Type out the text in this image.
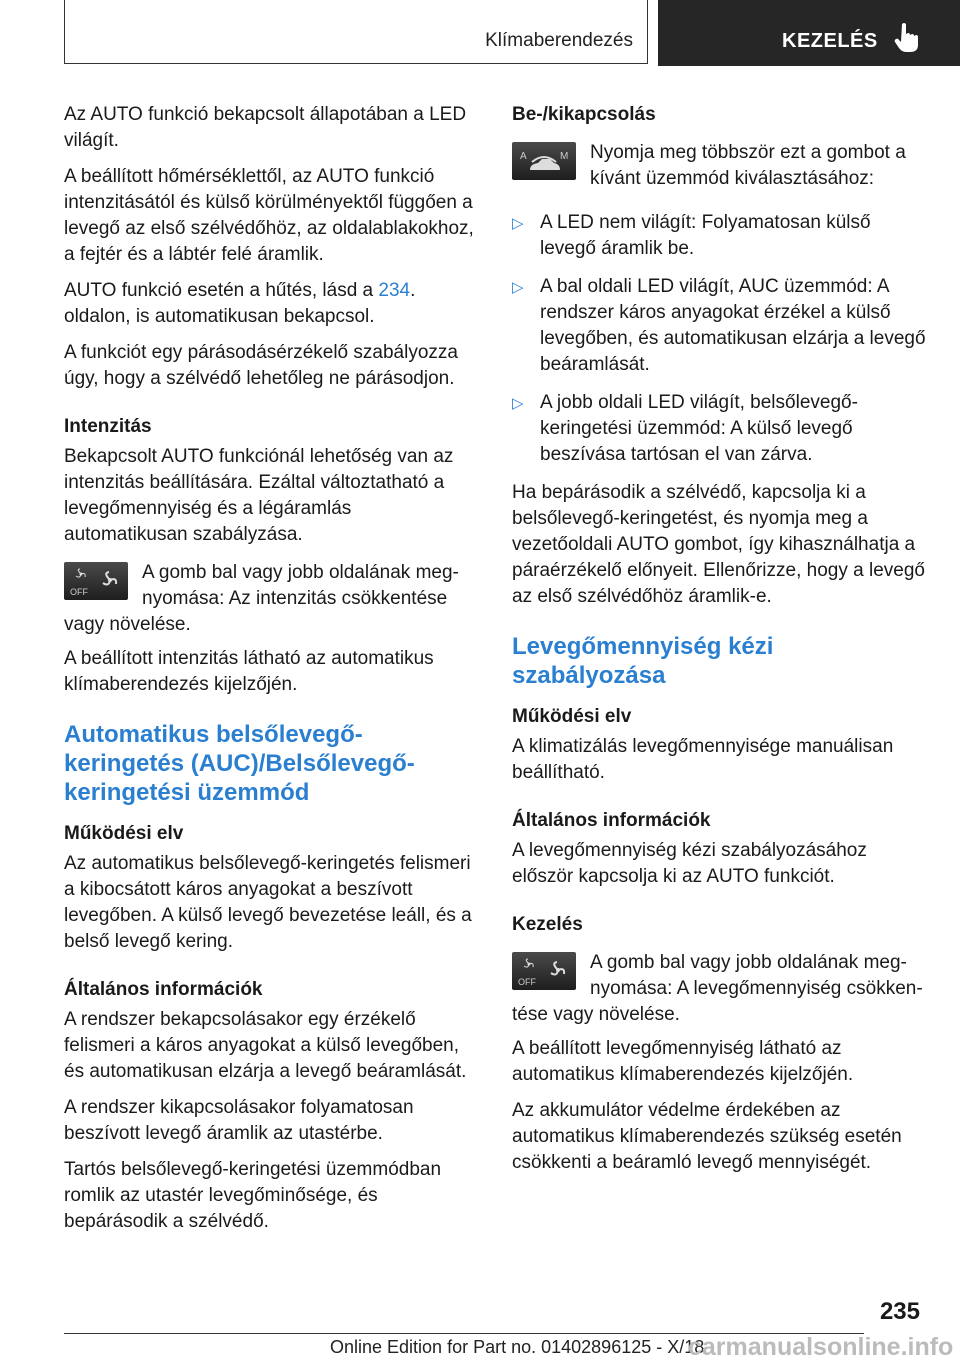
Klímaberendezés	KEZELÉS

Az AUTO funkció bekapcsolt állapotában a LED világít.

A beállított hőmérséklettől, az AUTO funkció intenzitásától és külső körülményektől függően a levegő az első szélvédőhöz, az oldalablakokhoz, a fejtér és a lábtér felé áramlik.

AUTO funkció esetén a hűtés, lásd a 234. oldalon, is automatikusan bekapcsol.

A funkciót egy párásodásérzékelő szabályozza úgy, hogy a szélvédő lehetőleg ne párásodjon.

Intenzitás

Bekapcsolt AUTO funkciónál lehetőség van az intenzitás beállítására. Ezáltal változtatható a levegőmennyiség és a légáramlás automatikusan szabályzása.

OFF
A gomb bal vagy jobb oldalának meg-
nyomása: Az intenzitás csökkentése
vagy növelése.

A beállított intenzitás látható az automatikus klímaberendezés kijelzőjén.

Automatikus belsőlevegő-keringetés (AUC)/Belsőlevegő-keringetési üzemmód
Működési elv

Az automatikus belsőlevegő-keringetés felismeri a kibocsátott káros anyagokat a beszívott levegőben. A külső levegő bevezetése leáll, és a belső levegő kering.

Általános információk

A rendszer bekapcsolásakor egy érzékelő felismeri a káros anyagokat a külső levegőben, és automatikusan elzárja a levegő beáramlását.

A rendszer kikapcsolásakor folyamatosan beszívott levegő áramlik az utastérbe.

Tartós belsőlevegő-keringetési üzemmódban romlik az utastér levegőminősége, és bepárásodik a szélvédő.

Be-/kikapcsolás
A	M	Nyomja meg többször ezt a gombot a kívánt üzemmód kiválasztásához:
▷ A LED nem világít: Folyamatosan külső levegő áramlik be.
▷ A bal oldali LED világít, AUC üzemmód: A rendszer káros anyagokat érzékel a külső levegőben, és automatikusan elzárja a levegő beáramlását.
▷ A jobb oldali LED világít, belsőlevegő-keringetési üzemmód: A külső levegő beszívása tartósan el van zárva.

Ha bepárásodik a szélvédő, kapcsolja ki a belsőlevegő-keringetést, és nyomja meg a vezetőoldali AUTO gombot, így kihasználhatja a páraérzékelő előnyeit. Ellenőrizze, hogy a levegő az első szélvédőhöz áramlik-e.

Levegőmennyiség kézi szabályozása
Működési elv

A klimatizálás levegőmennyisége manuálisan beállítható.

Általános információk

A levegőmennyiség kézi szabályozásához először kapcsolja ki az AUTO funkciót.

Kezelés
OFF
A gomb bal vagy jobb oldalának meg-
nyomása: A levegőmennyiség csökken-
tése vagy növelése.

A beállított levegőmennyiség látható az automatikus klímaberendezés kijelzőjén.

Az akkumulátor védelme érdekében az automatikus klímaberendezés szükség esetén csökkenti a beáramló levegő mennyiségét.

235
Online Edition for Part no. 01402896125 - X/18
carmanualsonline.info
